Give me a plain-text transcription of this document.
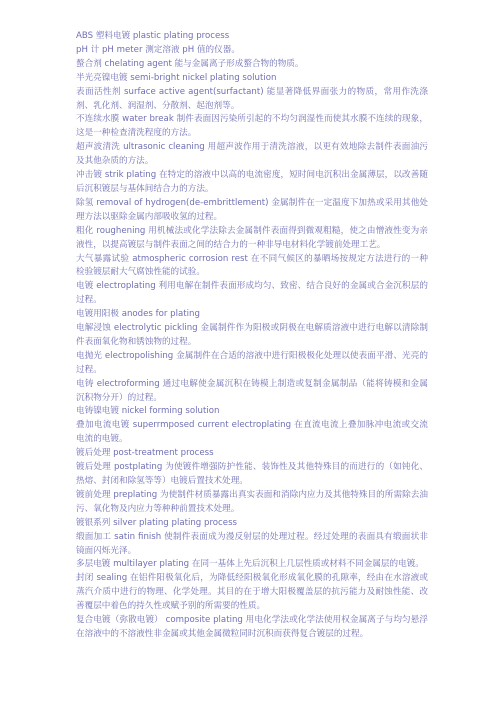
ABS 塑料电镀 plastic plating process

pH 计 pH meter 测定溶液 pH 值的仪器。

螯合剂 chelating agent 能与金属离子形成螯合物的物质。

半光亮镍电镀 semi-bright nickel plating solution

表面活性剂 surface active agent(surfactant) 能显著降低界面张力的物质，常用作洗涤剂、乳化剂、润湿剂、分散剂、起泡剂等。

不连续水膜 water break 制件表面因污染所引起的不均匀润湿性而使其水膜不连续的现象，这是一种检查清洗程度的方法。

超声波清洗 ultrasonic cleaning 用超声波作用于清洗溶液，以更有效地除去制件表面油污及其他杂质的方法。

冲击镀 strik plating 在特定的溶液中以高的电流密度，短时间电沉积出金属薄层，以改善随后沉积镀层与基体间结合力的方法。

除氢 removal of hydrogen(de-embrittlement) 金属制件在一定温度下加热或采用其他处理方法以驱除金属内部吸收氢的过程。

粗化 roughening 用机械法或化学法除去金属制件表面得到微观粗糙，使之由憎液性变为亲液性，以提高镀层与制件表面之间的结合力的一种非导电材料化学镀前处理工艺。

大气暴露试验 atmospheric corrosion rest 在不同气候区的暴晒场按规定方法进行的一种检验镀层耐大气腐蚀性能的试验。

电镀 electroplating 利用电解在制件表面形成均匀、致密、结合良好的金属或合金沉积层的过程。

电镀用阳极 anodes for plating

电解浸蚀 electrolytic pickling 金属制件作为阳极或阴极在电解质溶液中进行电解以清除制件表面氧化物和锈蚀物的过程。

电抛光 electropolishing 金属制件在合适的溶液中进行阳极极化处理以使表面平滑、光亮的过程。

电铸 electroforming 通过电解使金属沉积在铸模上制造或复制金属制品（能将铸模和金属沉积物分开）的过程。

电铸镍电镀 nickel forming solution

叠加电流电镀 superrmposed current electroplating 在直流电流上叠加脉冲电流或交流电流的电镀。

镀后处理 post-treatment process

镀后处理 postplating 为使镀件增强防护性能、装饰性及其他特殊目的而进行的（如钝化、热熔、封闭和除氢等等）电镀后置技术处理。

镀前处理 preplating 为使制件材质暴露出真实表面和消除内应力及其他特殊目的所需除去油污、氧化物及内应力等种种前置技术处理。

镀银系列 silver plating plating process

缎面加工 satin finish 使制件表面成为漫反射层的处理过程。经过处理的表面具有缎面状非镜面闪烁光泽。

多层电镀 multilayer plating 在同一基体上先后沉积上几层性质或材料不同金属层的电镀。

封闭 sealing 在铝件阳极氧化后，为降低经阳极氧化形成氧化膜的孔隙率，经由在水溶液或蒸汽介质中进行的物理、化学处理。其目的在于增大阳极覆盖层的抗污能力及耐蚀性能、改善覆层中着色的持久性或赋予别的所需要的性质。

复合电镀（弥散电镀） composite plating 用电化学法或化学法使用权金属离子与均匀悬浮在溶液中的不溶液性非金属或其他金属微粒同时沉积而获得复合镀层的过程。
